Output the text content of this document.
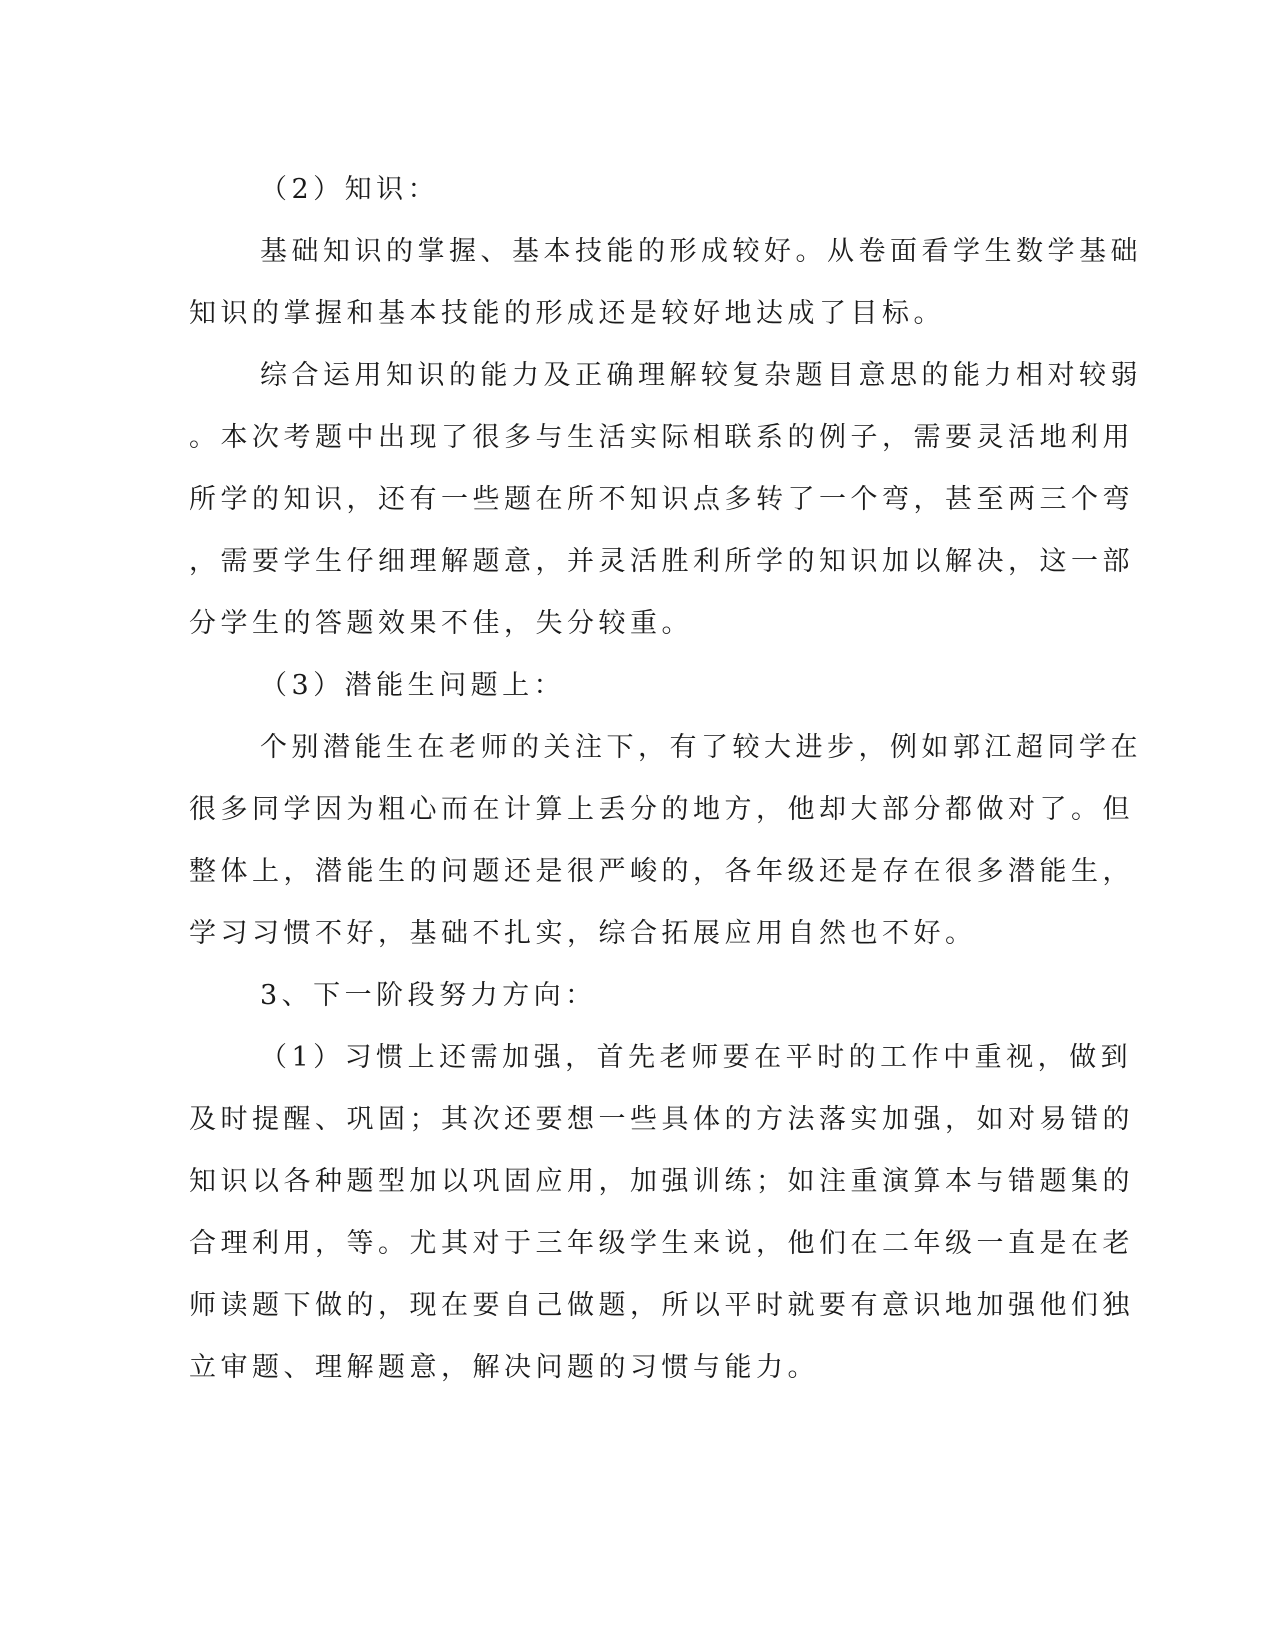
（2）知识：

基础知识的掌握、基本技能的形成较好。从卷面看学生数学基础

知识的掌握和基本技能的形成还是较好地达成了目标。

综合运用知识的能力及正确理解较复杂题目意思的能力相对较弱

。本次考题中出现了很多与生活实际相联系的例子，需要灵活地利用

所学的知识，还有一些题在所不知识点多转了一个弯，甚至两三个弯

，需要学生仔细理解题意，并灵活胜利所学的知识加以解决，这一部

分学生的答题效果不佳，失分较重。

（3）潜能生问题上：

个别潜能生在老师的关注下，有了较大进步，例如郭江超同学在

很多同学因为粗心而在计算上丢分的地方，他却大部分都做对了。但

整体上，潜能生的问题还是很严峻的，各年级还是存在很多潜能生，

学习习惯不好，基础不扎实，综合拓展应用自然也不好。

3、下一阶段努力方向：

（1）习惯上还需加强，首先老师要在平时的工作中重视，做到

及时提醒、巩固；其次还要想一些具体的方法落实加强，如对易错的

知识以各种题型加以巩固应用，加强训练；如注重演算本与错题集的

合理利用，等。尤其对于三年级学生来说，他们在二年级一直是在老

师读题下做的，现在要自己做题，所以平时就要有意识地加强他们独

立审题、理解题意，解决问题的习惯与能力。
